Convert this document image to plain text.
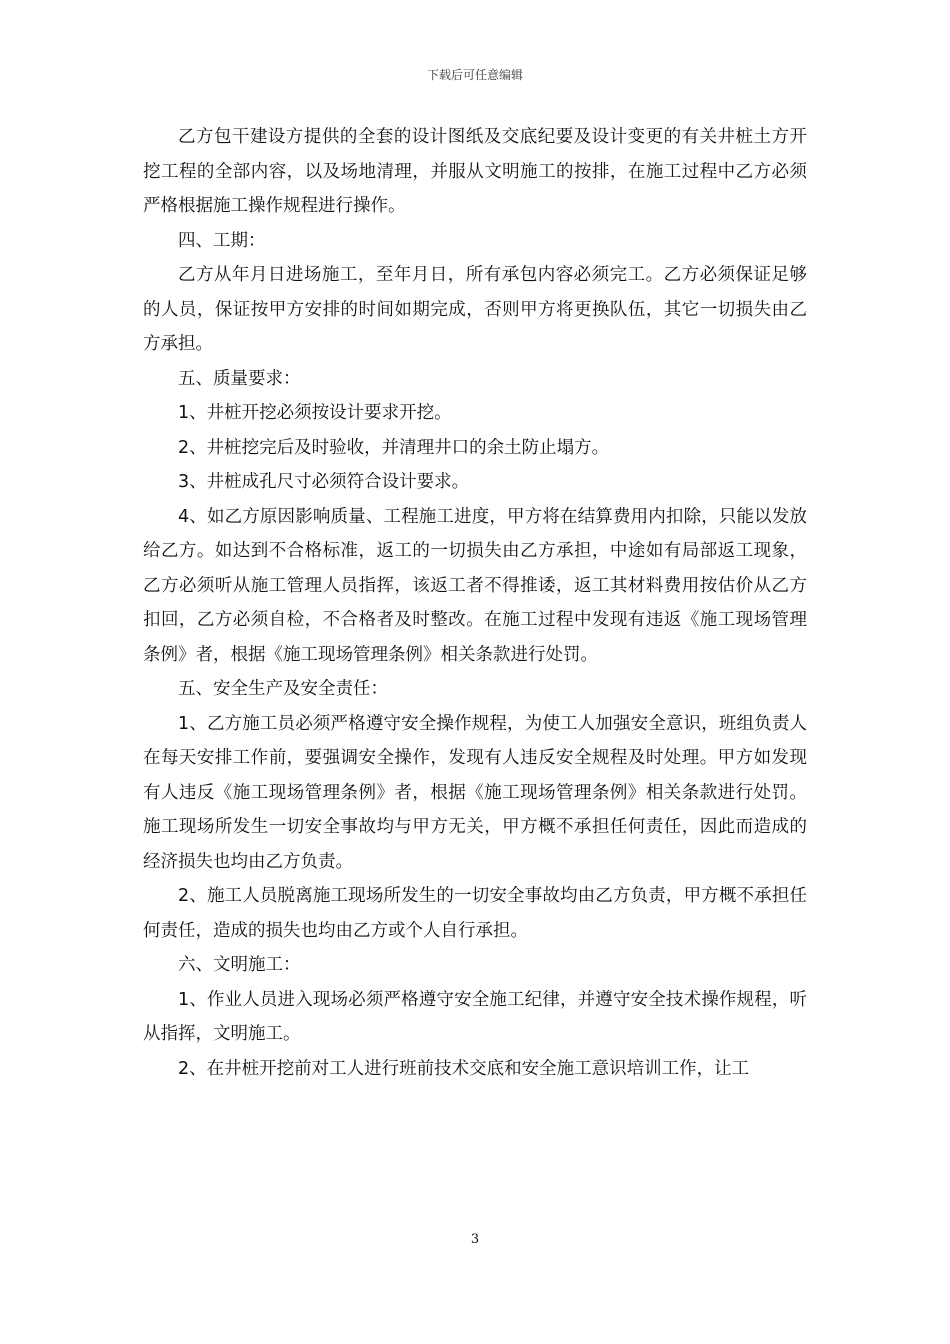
下载后可任意编辑

乙方包干建设方提供的全套的设计图纸及交底纪要及设计变更的有关井桩土方开挖工程的全部内容，以及场地清理，并服从文明施工的按排，在施工过程中乙方必须严格根据施工操作规程进行操作。

四、工期：

乙方从年月日进场施工，至年月日，所有承包内容必须完工。乙方必须保证足够的人员，保证按甲方安排的时间如期完成，否则甲方将更换队伍，其它一切损失由乙方承担。

五、质量要求：

1、井桩开挖必须按设计要求开挖。

2、井桩挖完后及时验收，并清理井口的余土防止塌方。

3、井桩成孔尺寸必须符合设计要求。

4、如乙方原因影响质量、工程施工进度，甲方将在结算费用内扣除，只能以发放给乙方。如达到不合格标准，返工的一切损失由乙方承担，中途如有局部返工现象，乙方必须听从施工管理人员指挥，该返工者不得推诿，返工其材料费用按估价从乙方扣回，乙方必须自检，不合格者及时整改。在施工过程中发现有违返《施工现场管理条例》者，根据《施工现场管理条例》相关条款进行处罚。

五、安全生产及安全责任：

1、乙方施工员必须严格遵守安全操作规程，为使工人加强安全意识，班组负责人在每天安排工作前，要强调安全操作，发现有人违反安全规程及时处理。甲方如发现有人违反《施工现场管理条例》者，根据《施工现场管理条例》相关条款进行处罚。施工现场所发生一切安全事故均与甲方无关，甲方概不承担任何责任，因此而造成的经济损失也均由乙方负责。

2、施工人员脱离施工现场所发生的一切安全事故均由乙方负责，甲方概不承担任何责任，造成的损失也均由乙方或个人自行承担。

六、文明施工：

1、作业人员进入现场必须严格遵守安全施工纪律，并遵守安全技术操作规程，听从指挥，文明施工。

2、在井桩开挖前对工人进行班前技术交底和安全施工意识培训工作，让工

3
